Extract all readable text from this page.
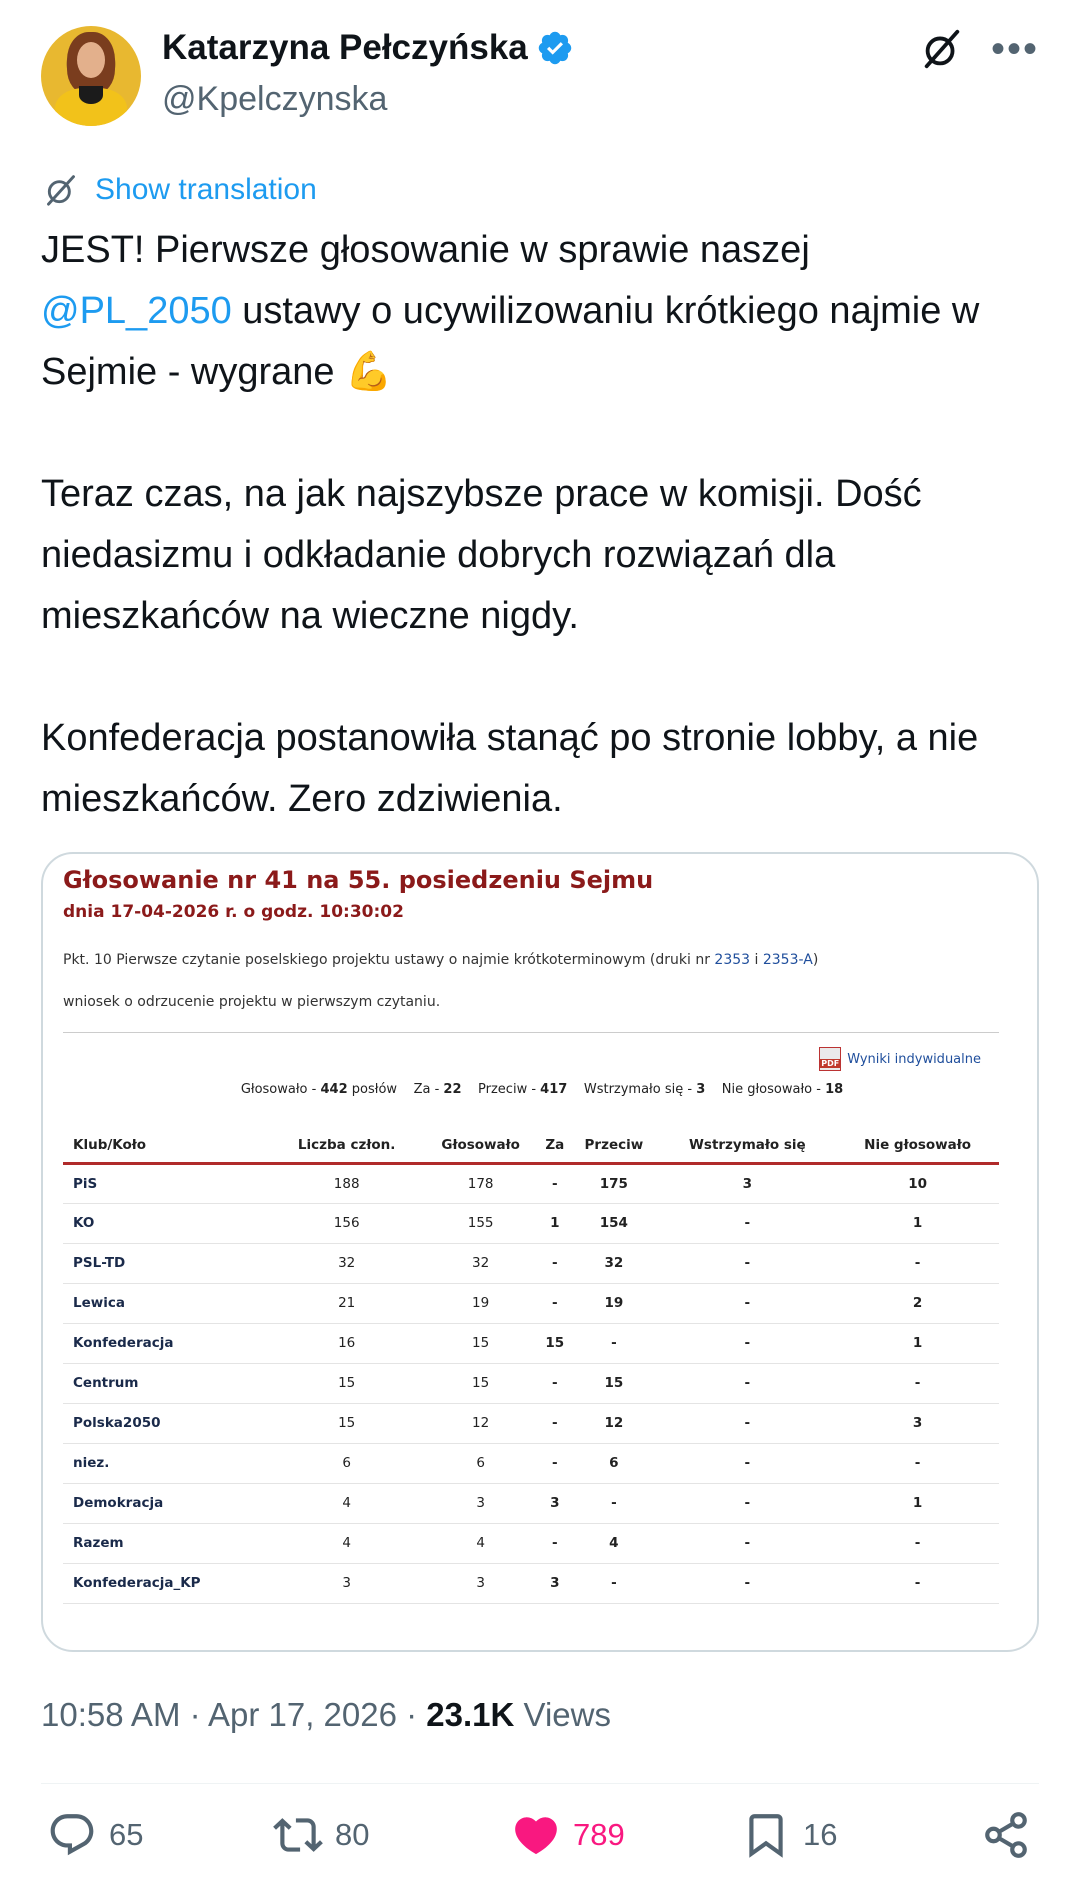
Katarzyna Pełczyńska
@Kpelczynska
•••
Show translation

JEST! Pierwsze głosowanie w sprawie naszej
@PL_2050 ustawy o ucywilizowaniu krótkiego najmie w Sejmie - wygrane 💪

Teraz czas, na jak najszybsze prace w komisji. Dość niedasizmu i odkładanie dobrych rozwiązań dla mieszkańców na wieczne nigdy.

Konfederacja postanowiła stanąć po stronie lobby, a nie mieszkańców. Zero zdziwienia.

Głosowanie nr 41 na 55. posiedzeniu Sejmu
dnia 17-04-2026 r. o godz. 10:30:02
Pkt. 10 Pierwsze czytanie poselskiego projektu ustawy o najmie krótkoterminowym (druki nr 2353 i 2353-A)
wniosek o odrzucenie projektu w pierwszym czytaniu.
PDF Wyniki indywidualne
Głosowało - 442 posłów Za - 22 Przeciw - 417 Wstrzymało się - 3 Nie głosowało - 18
Klub/Koło	Liczba człon.	Głosowało	Za	Przeciw	Wstrzymało się	Nie głosowało
PiS	188	178	-	175	3	10
KO	156	155	1	154	-	1
PSL-TD	32	32	-	32	-	-
Lewica	21	19	-	19	-	2
Konfederacja	16	15	15	-	-	1
Centrum	15	15	-	15	-	-
Polska2050	15	12	-	12	-	3
niez.	6	6	-	6	-	-
Demokracja	4	3	3	-	-	1
Razem	4	4	-	4	-	-
Konfederacja_KP	3	3	3	-	-	-
10:58 AM · Apr 17, 2026 · 23.1K Views
65	80	789	16
